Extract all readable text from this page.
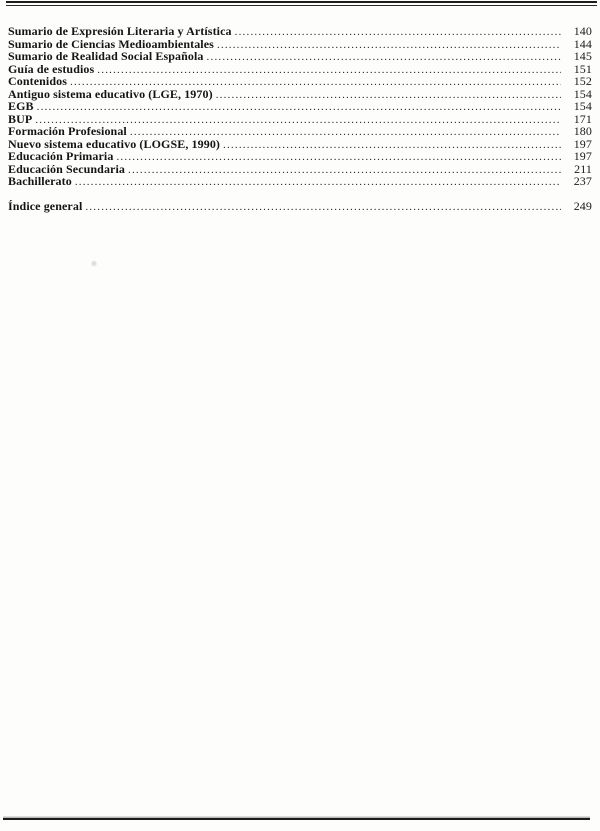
Sumario de Expresión Literaria y Artística .....	140
Sumario de Ciencias Medioambientales .....	144
Sumario de Realidad Social Española .....	145
Guía de estudios .....	151
Contenidos .....	152
Antiguo sistema educativo (LGE, 1970) .....	154
EGB .....	154
BUP .....	171
Formación Profesional .....	180
Nuevo sistema educativo (LOGSE, 1990) .....	197
Educación Primaria .....	197
Educación Secundaria .....	211
Bachillerato .....	237
Índice general .....	249
